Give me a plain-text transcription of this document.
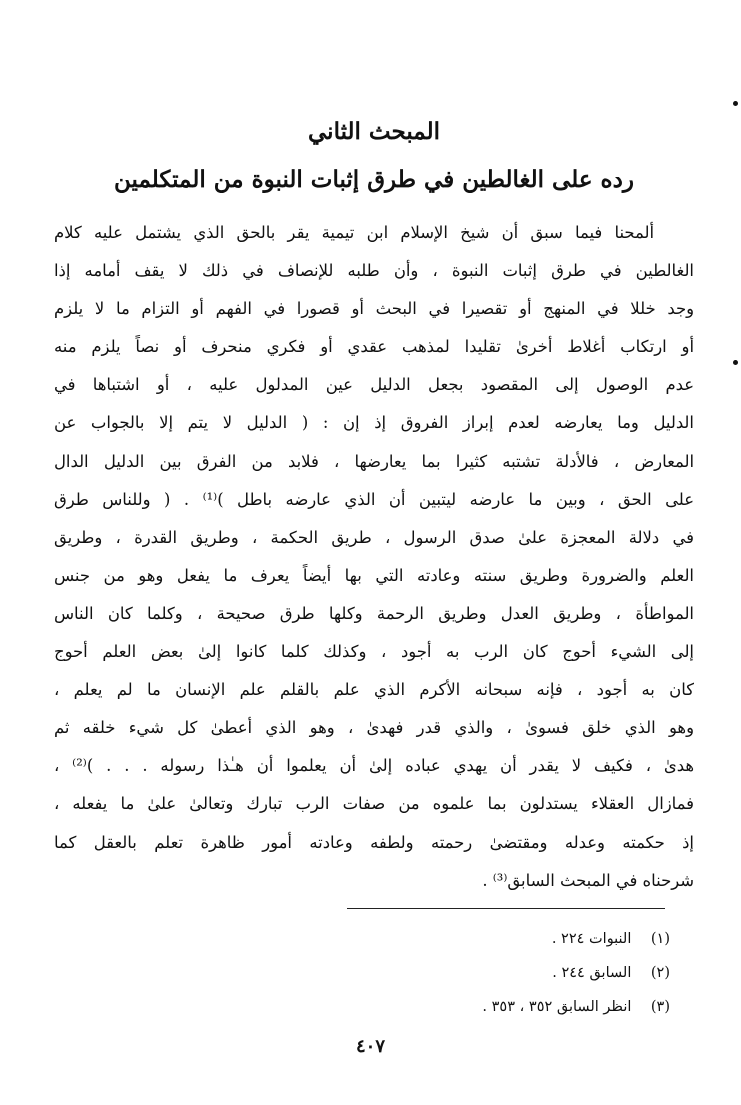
المبحث الثاني
رده على الغالطين في طرق إثبات النبوة من المتكلمين
ألمحنا فيما سبق أن شيخ الإسلام ابن تيمية يقر بالحق الذي يشتمل عليه كلام
الغالطين في طرق إثبات النبوة ، وأن طلبه للإنصاف في ذلك لا يقف أمامه إذا
وجد خللا في المنهج أو تقصيرا في البحث أو قصورا في الفهم أو التزام ما لا يلزم
أو ارتكاب أغلاط أخرىٰ تقليدا لمذهب عقدي أو فكري منحرف أو نصاً يلزم منه
عدم الوصول إلى المقصود بجعل الدليل عين المدلول عليه ، أو اشتباها في
الدليل وما يعارضه لعدم إبراز الفروق إذ إن : ( الدليل لا يتم إلا بالجواب عن
المعارض ، فالأدلة تشتبه كثيرا بما يعارضها ، فلابد من الفرق بين الدليل الدال
على الحق ، وبين ما عارضه ليتبين أن الذي عارضه باطل )⁽¹⁾ . ( وللناس طرق
في دلالة المعجزة علىٰ صدق الرسول ، طريق الحكمة ، وطريق القدرة ، وطريق
العلم والضرورة وطريق سنته وعادته التي بها أيضاً يعرف ما يفعل وهو من جنس
المواطأة ، وطريق العدل وطريق الرحمة وكلها طرق صحيحة ، وكلما كان الناس
إلى الشيء أحوج كان الرب به أجود ، وكذلك كلما كانوا إلىٰ بعض العلم أحوج
كان به أجود ، فإنه سبحانه الأكرم الذي علم بالقلم علم الإنسان ما لم يعلم ،
وهو الذي خلق فسوىٰ ، والذي قدر فهدىٰ ، وهو الذي أعطىٰ كل شيء خلقه ثم
هدىٰ ، فكيف لا يقدر أن يهدي عباده إلىٰ أن يعلموا أن هـٰذا رسوله . . . )⁽²⁾ ،
فمازال العقلاء يستدلون بما علموه من صفات الرب تبارك وتعالىٰ علىٰ ما يفعله ،
إذ حكمته وعدله ومقتضىٰ رحمته ولطفه وعادته أمور ظاهرة تعلم بالعقل كما
شرحناه في المبحث السابق⁽³⁾ .
(١) النبوات ٢٢٤ .
(٢) السابق ٢٤٤ .
(٣) انظر السابق ٣٥٢ ، ٣٥٣ .
٤٠٧
